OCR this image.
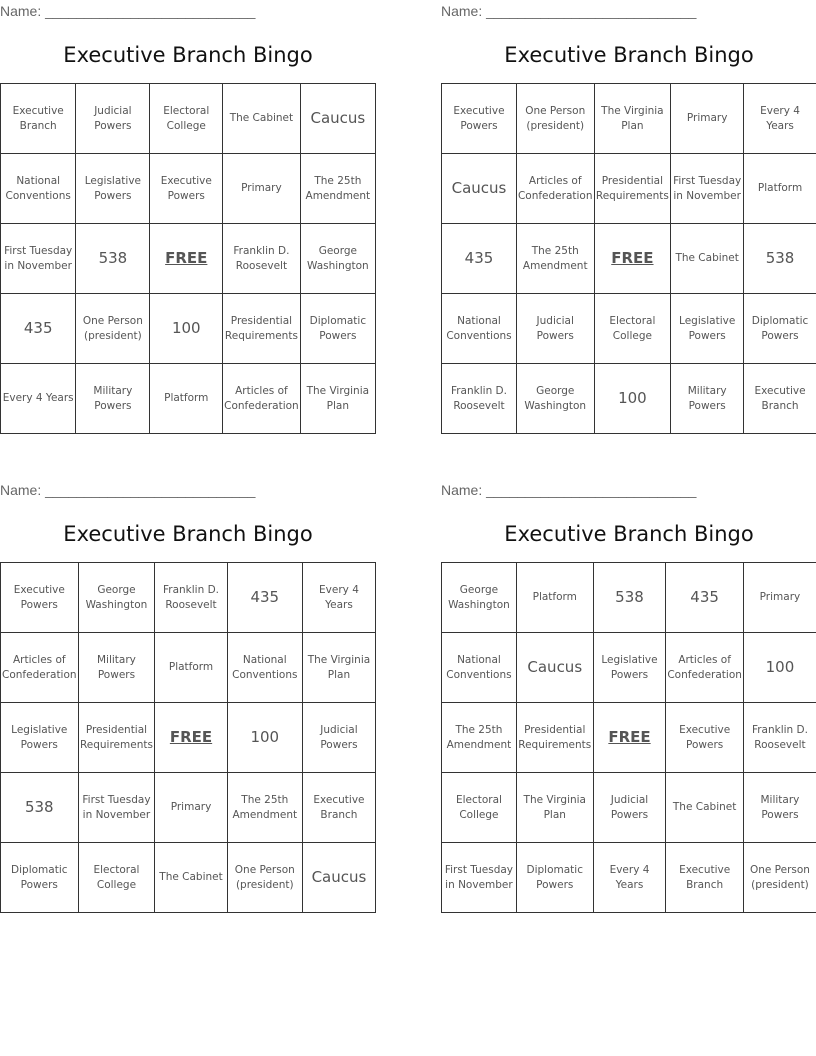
Name: ___________________________
Executive Branch Bingo
Executive Branch	Judicial Powers	Electoral College	The Cabinet	Caucus
National Conventions	Legislative Powers	Executive Powers	Primary	The 25th Amendment
First Tuesday in November	538	FREE	Franklin D. Roosevelt	George Washington
435	One Person (president)	100	Presidential Requirements	Diplomatic Powers
Every 4 Years	Military Powers	Platform	Articles of Confederation	The Virginia Plan
Name: ___________________________
Executive Branch Bingo
Executive Powers	One Person (president)	The Virginia Plan	Primary	Every 4 Years
Caucus	Articles of Confederation	Presidential Requirements	First Tuesday in November	Platform
435	The 25th Amendment	FREE	The Cabinet	538
National Conventions	Judicial Powers	Electoral College	Legislative Powers	Diplomatic Powers
Franklin D. Roosevelt	George Washington	100	Military Powers	Executive Branch
Name: ___________________________
Executive Branch Bingo
Executive Powers	George Washington	Franklin D. Roosevelt	435	Every 4 Years
Articles of Confederation	Military Powers	Platform	National Conventions	The Virginia Plan
Legislative Powers	Presidential Requirements	FREE	100	Judicial Powers
538	First Tuesday in November	Primary	The 25th Amendment	Executive Branch
Diplomatic Powers	Electoral College	The Cabinet	One Person (president)	Caucus
Name: ___________________________
Executive Branch Bingo
George Washington	Platform	538	435	Primary
National Conventions	Caucus	Legislative Powers	Articles of Confederation	100
The 25th Amendment	Presidential Requirements	FREE	Executive Powers	Franklin D. Roosevelt
Electoral College	The Virginia Plan	Judicial Powers	The Cabinet	Military Powers
First Tuesday in November	Diplomatic Powers	Every 4 Years	Executive Branch	One Person (president)
